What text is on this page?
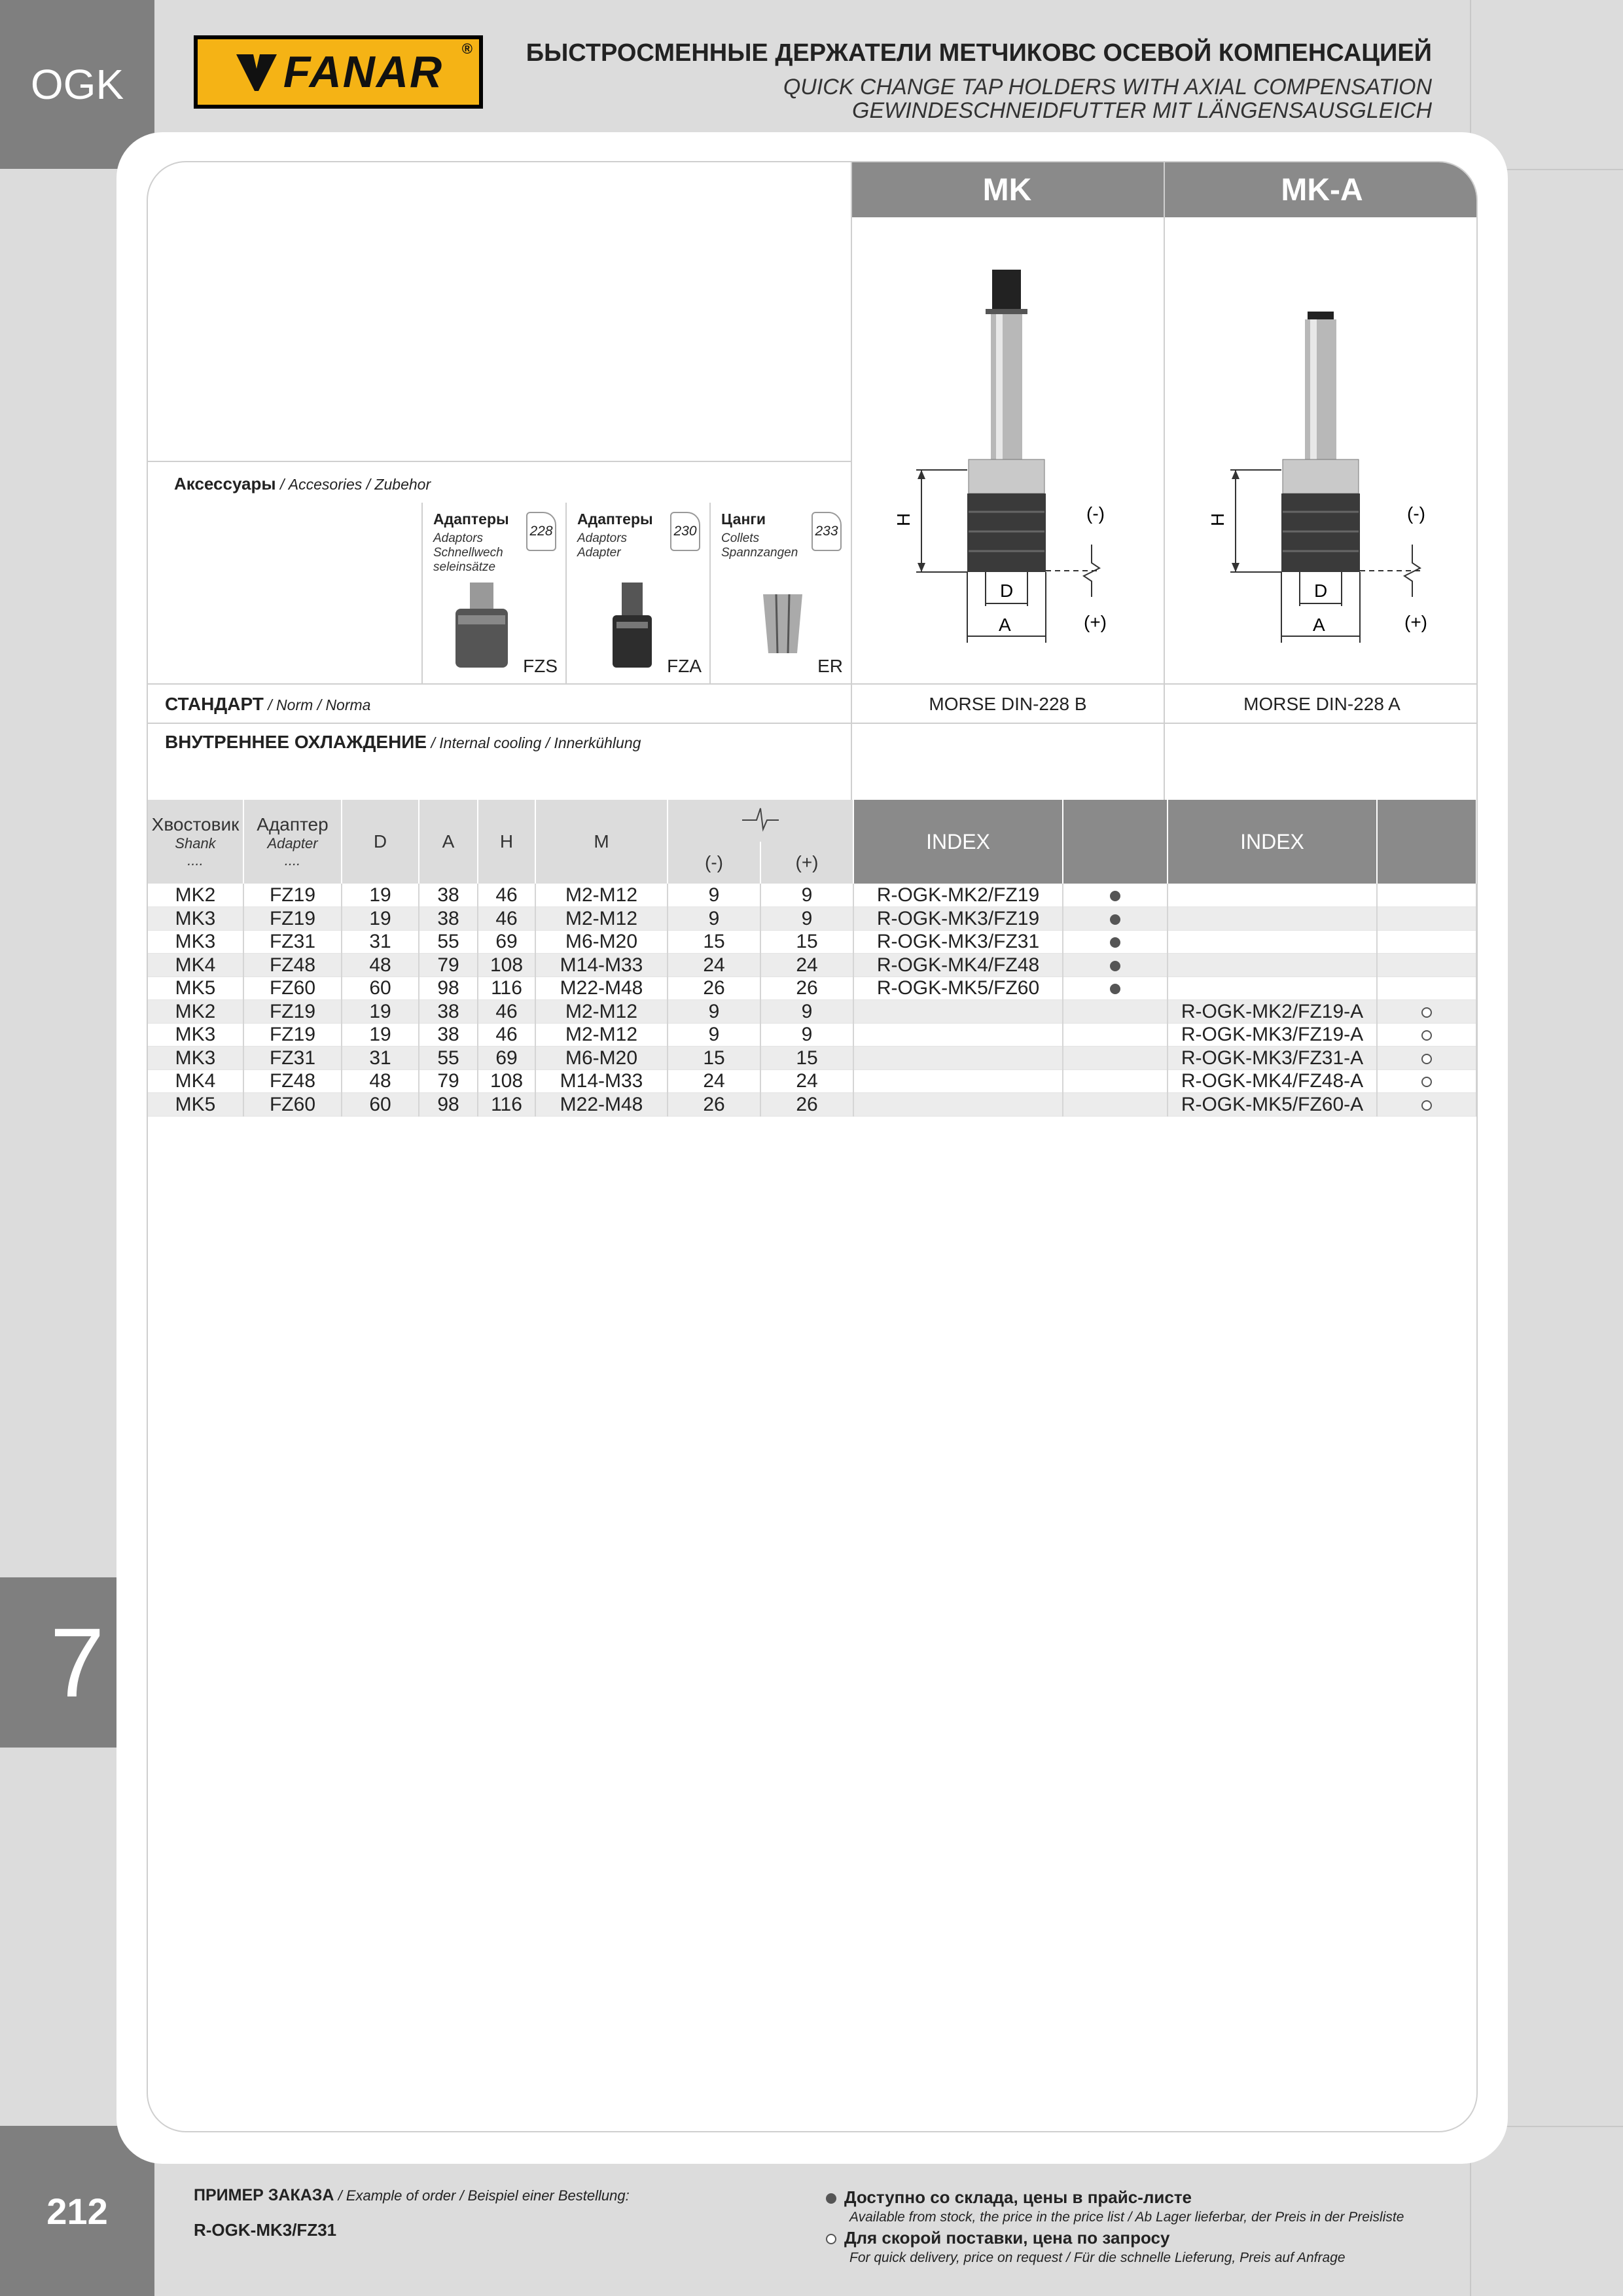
OGK
7
212
FANAR ® БЫСТРОСМЕННЫЕ ДЕРЖАТЕЛИ МЕТЧИКОВС ОСЕВОЙ КОМПЕНСАЦИЕЙ
QUICK CHANGE TAP HOLDERS WITH AXIAL COMPENSATION
GEWINDESCHNEIDFUTTER MIT LÄNGENSAUSGLEICH
MK	MK-A
H
D
A
(-)
(+)
H
D
A
(-)
(+)
Аксессуары / Accesories / Zubehor
Адаптеры
Adaptors
Schnellwech
seleinsätze
228
FZS
Адаптеры
Adaptors
Adapter
230
FZA
Цанги
Collets
Spannzangen
233
ER
СТАНДАРТ / Norm / Norma	MORSE DIN-228 B	MORSE DIN-228 A
ВНУТРЕННЕЕ ОХЛАЖДЕНИЕ / Internal cooling / Innerkühlung
Хвостовик
Shank
....	Адаптер
Adapter
....	D	A	H	M			INDEX		INDEX	
						(-)	(+)				
MK2	FZ19	19	38	46	M2-M12	9	9	R-OGK-MK2/FZ19			
MK3	FZ19	19	38	46	M2-M12	9	9	R-OGK-MK3/FZ19			
MK3	FZ31	31	55	69	M6-M20	15	15	R-OGK-MK3/FZ31			
MK4	FZ48	48	79	108	M14-M33	24	24	R-OGK-MK4/FZ48			
MK5	FZ60	60	98	116	M22-M48	26	26	R-OGK-MK5/FZ60			
MK2	FZ19	19	38	46	M2-M12	9	9			R-OGK-MK2/FZ19-A	
MK3	FZ19	19	38	46	M2-M12	9	9			R-OGK-MK3/FZ19-A	
MK3	FZ31	31	55	69	M6-M20	15	15			R-OGK-MK3/FZ31-A	
MK4	FZ48	48	79	108	M14-M33	24	24			R-OGK-MK4/FZ48-A	
MK5	FZ60	60	98	116	M22-M48	26	26			R-OGK-MK5/FZ60-A	
ПРИМЕР ЗАКАЗА / Example of order / Beispiel einer Bestellung:
R-OGK-MK3/FZ31
Доступно со склада, цены в прайс-листе
Available from stock, the price in the price list / Ab Lager lieferbar, der Preis in der Preisliste
Для скорой поставки, цена по запросу
For quick delivery, price on request / Für die schnelle Lieferung, Preis auf Anfrage
